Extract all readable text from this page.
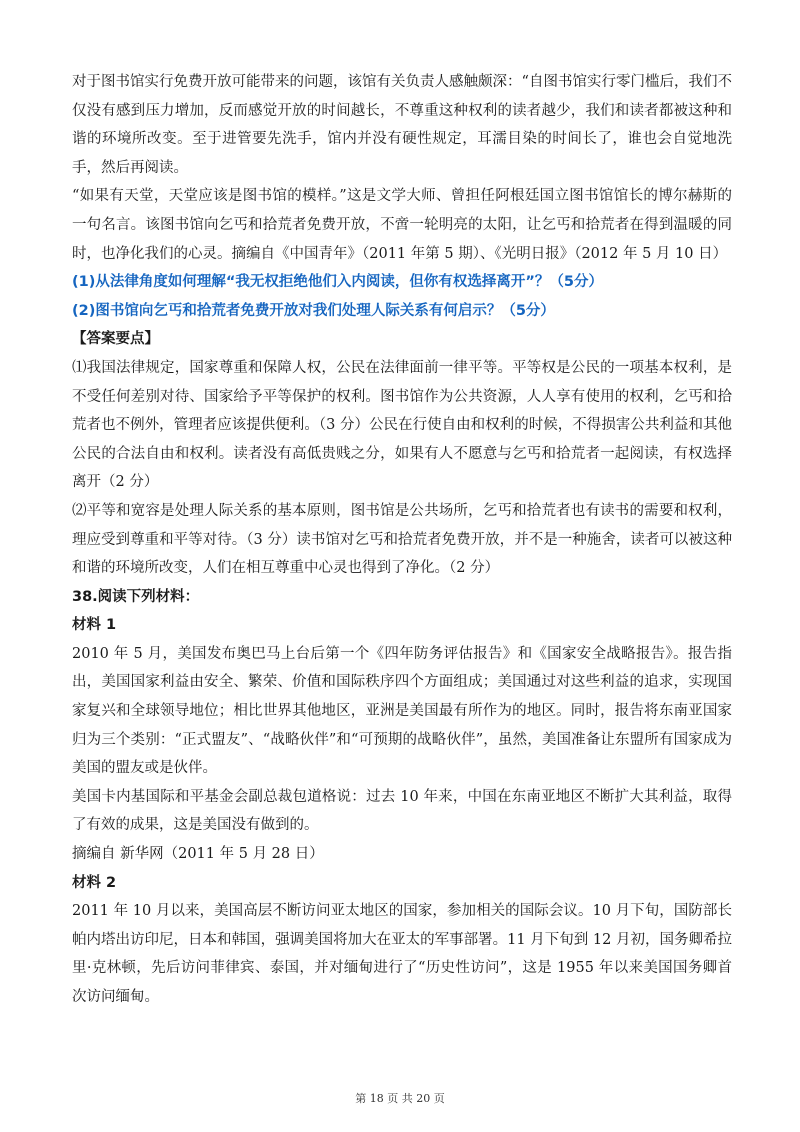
对于图书馆实行免费开放可能带来的问题，该馆有关负责人感触颇深：“自图书馆实行零门槛后，我们不仅没有感到压力增加，反而感觉开放的时间越长，不尊重这种权利的读者越少，我们和读者都被这种和谐的环境所改变。至于进管要先洗手，馆内并没有硬性规定，耳濡目染的时间长了，谁也会自觉地洗手，然后再阅读。

“如果有天堂，天堂应该是图书馆的模样。”这是文学大师、曾担任阿根廷国立图书馆馆长的博尔赫斯的一句名言。该图书馆向乞丐和拾荒者免费开放，不啻一轮明亮的太阳，让乞丐和拾荒者在得到温暖的同时，也净化我们的心灵。摘编自《中国青年》（2011 年第 5 期）、《光明日报》（2012 年 5 月 10 日）

(1)从法律角度如何理解“我无权拒绝他们入内阅读，但你有权选择离开”？（5分）

(2)图书馆向乞丐和拾荒者免费开放对我们处理人际关系有何启示？（5分）

【答案要点】

⑴我国法律规定，国家尊重和保障人权，公民在法律面前一律平等。平等权是公民的一项基本权利，是不受任何差别对待、国家给予平等保护的权利。图书馆作为公共资源，人人享有使用的权利，乞丐和拾荒者也不例外，管理者应该提供便利。（3 分）公民在行使自由和权利的时候，不得损害公共利益和其他公民的合法自由和权利。读者没有高低贵贱之分，如果有人不愿意与乞丐和拾荒者一起阅读，有权选择离开（2 分）

⑵平等和宽容是处理人际关系的基本原则，图书馆是公共场所，乞丐和拾荒者也有读书的需要和权利，理应受到尊重和平等对待。（3 分）读书馆对乞丐和拾荒者免费开放，并不是一种施舍，读者可以被这种和谐的环境所改变，人们在相互尊重中心灵也得到了净化。（2 分）

38.阅读下列材料：

材料 1

2010 年 5 月，美国发布奥巴马上台后第一个《四年防务评估报告》和《国家安全战略报告》。报告指出，美国国家利益由安全、繁荣、价值和国际秩序四个方面组成；美国通过对这些利益的追求，实现国家复兴和全球领导地位；相比世界其他地区，亚洲是美国最有所作为的地区。同时，报告将东南亚国家归为三个类别：“正式盟友”、“战略伙伴”和“可预期的战略伙伴”，虽然，美国准备让东盟所有国家成为美国的盟友或是伙伴。

美国卡内基国际和平基金会副总裁包道格说：过去 10 年来，中国在东南亚地区不断扩大其利益，取得了有效的成果，这是美国没有做到的。

摘编自 新华网（2011 年 5 月 28 日）

材料 2

2011 年 10 月以来，美国高层不断访问亚太地区的国家，参加相关的国际会议。10 月下旬，国防部长帕内塔出访印尼，日本和韩国，强调美国将加大在亚太的军事部署。11 月下旬到 12 月初，国务卿希拉里·克林顿，先后访问菲律宾、泰国，并对缅甸进行了“历史性访问”，这是 1955 年以来美国国务卿首次访问缅甸。

第 18 页 共 20 页
